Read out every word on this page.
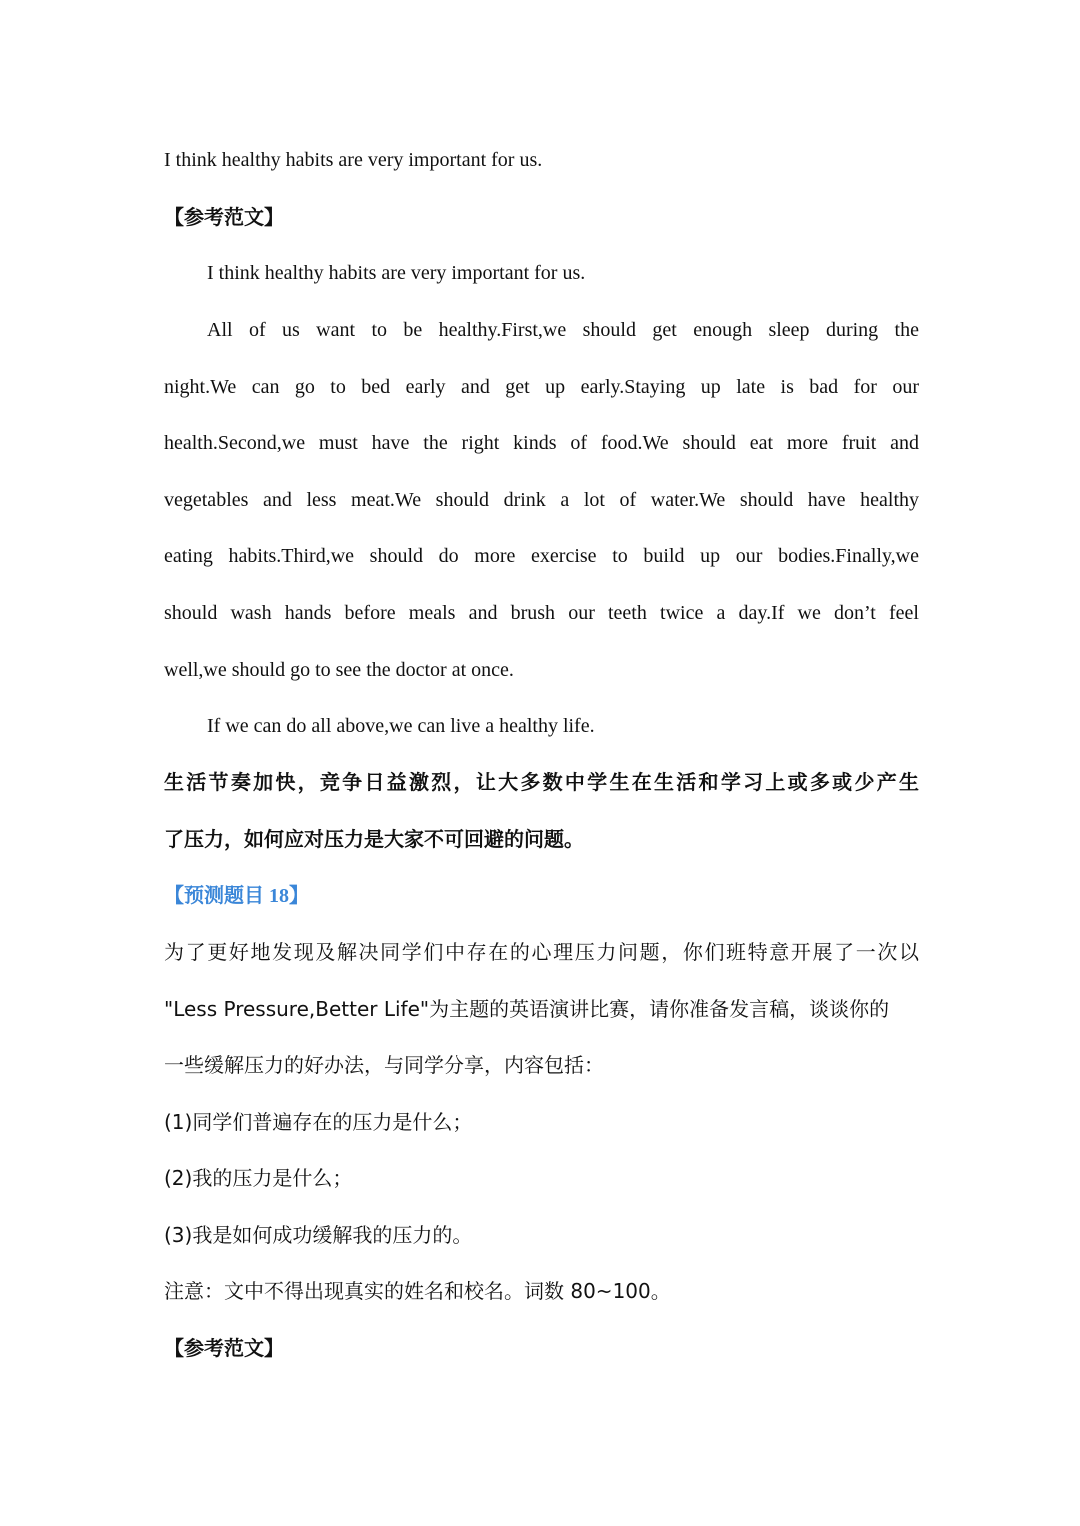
I think healthy habits are very important for us.
【参考范文】
I think healthy habits are very important for us.
All of us want to be healthy.First,we should get enough sleep during the
night.We can go to bed early and get up early.Staying up late is bad for our
health.Second,we must have the right kinds of food.We should eat more fruit and
vegetables and less meat.We should drink a lot of water.We should have healthy
eating habits.Third,we should do more exercise to build up our bodies.Finally,we
should wash hands before meals and brush our teeth twice a day.If we don’t feel
well,we should go to see the doctor at once.
If we can do all above,we can live a healthy life.
生活节奏加快，竞争日益激烈，让大多数中学生在生活和学习上或多或少产生
了压力，如何应对压力是大家不可回避的问题。
【预测题目 18】
为了更好地发现及解决同学们中存在的心理压力问题，你们班特意开展了一次以
"Less Pressure,Better Life"为主题的英语演讲比赛，请你准备发言稿，谈谈你的
一些缓解压力的好办法，与同学分享，内容包括：
(1)同学们普遍存在的压力是什么；
(2)我的压力是什么；
(3)我是如何成功缓解我的压力的。
注意：文中不得出现真实的姓名和校名。词数 80~100。
【参考范文】
